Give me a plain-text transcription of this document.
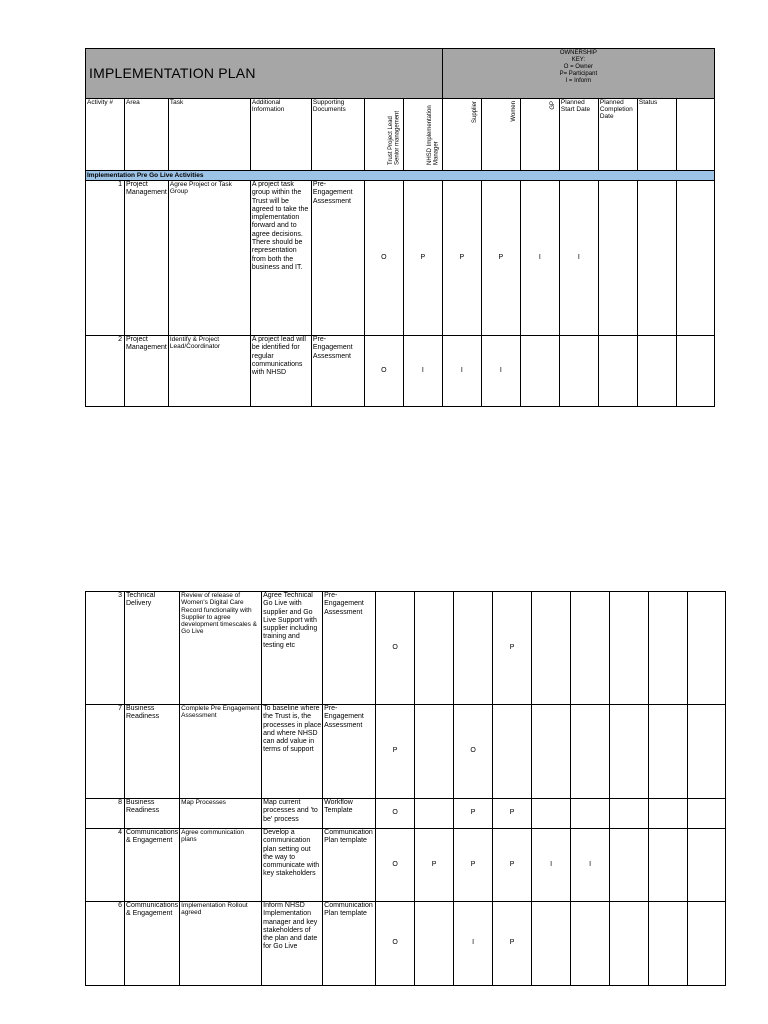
IMPLEMENTATION PLAN							OWNERSHIP
KEY:
O = Owner
P= Participant
I = Inform						

Activity #	Area	Task	Additional Information	Supporting Documents	Trust Project Lead Senior management	NHSD Implementation Manager	Supplier	Women	GP	Planned Start Date	Planned Completion Date	Status	
Implementation Pre Go Live Activities													
1	Project Management	Agree Project or Task Group	A project task group within the Trust will be agreed to take the implementation forward and to agree decisions. There should be representation from both the business and IT.	Pre-Engagement Assessment	O	P	P	P	I	I			
2	Project Management	Identify & Project Lead/Coordinator	A project lead will be identified for regular communications with NHSD	Pre-Engagement Assessment	O	I	I	I					
3	Technical Delivery	Review of release of Women's Digital Care Record functionality with Supplier to agree development timescales & Go Live	Agree Technical Go Live with supplier and Go Live Support with supplier including training and testing etc	Pre-Engagement Assessment	O			P					
7	Business Readiness	Complete Pre Engagement Assessment	To baseline where the Trust is, the processes in place and where NHSD can add value in terms of support	Pre-Engagement Assessment	P		O						
8	Business Readiness	Map Processes	Map current processes and 'to be' process	Workflow Template	O		P	P					
4	Communications & Engagement	Agree communication plans	Develop a communication plan setting out the way to communicate with key stakeholders	Communication Plan template	O	P	P	P	I	I			
6	Communications & Engagement	Implementation Rollout agreed	Inform NHSD Implementation manager and key stakeholders of the plan and date for Go Live	Communication Plan template	O		I	P					
